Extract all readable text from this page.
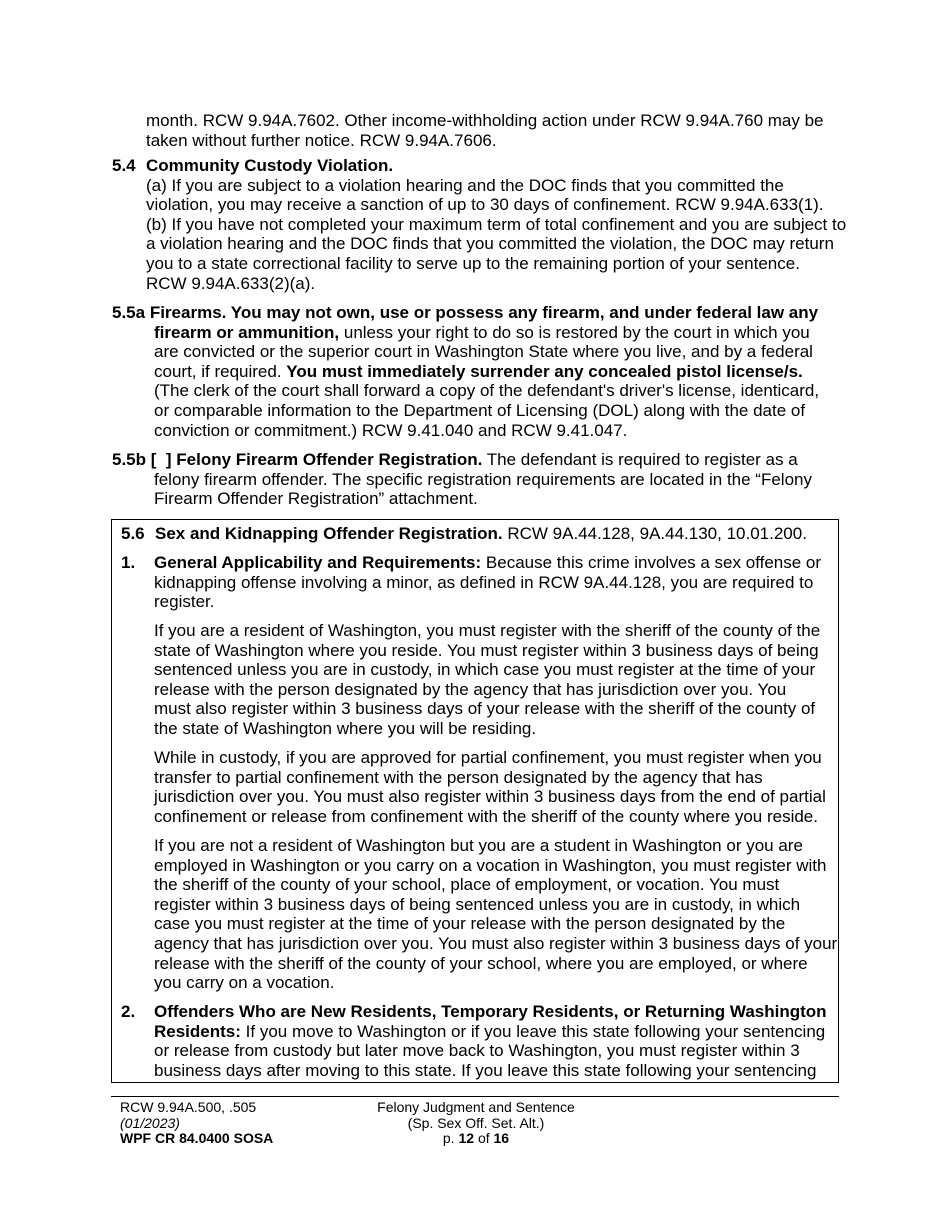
month. RCW 9.94A.7602. Other income-withholding action under RCW 9.94A.760 may be
taken without further notice. RCW 9.94A.7606.
5.4 Community Custody Violation.
(a) If you are subject to a violation hearing and the DOC finds that you committed the
violation, you may receive a sanction of up to 30 days of confinement. RCW 9.94A.633(1).
(b) If you have not completed your maximum term of total confinement and you are subject to
a violation hearing and the DOC finds that you committed the violation, the DOC may return
you to a state correctional facility to serve up to the remaining portion of your sentence.
RCW 9.94A.633(2)(a).
5.5a Firearms. You may not own, use or possess any firearm, and under federal law any
firearm or ammunition, unless your right to do so is restored by the court in which you
are convicted or the superior court in Washington State where you live, and by a federal
court, if required. You must immediately surrender any concealed pistol license/s.
(The clerk of the court shall forward a copy of the defendant's driver's license, identicard,
or comparable information to the Department of Licensing (DOL) along with the date of
conviction or commitment.) RCW 9.41.040 and RCW 9.41.047.
5.5b [  ] Felony Firearm Offender Registration. The defendant is required to register as a
felony firearm offender. The specific registration requirements are located in the “Felony
Firearm Offender Registration” attachment.
5.6 Sex and Kidnapping Offender Registration. RCW 9A.44.128, 9A.44.130, 10.01.200.
1. General Applicability and Requirements: Because this crime involves a sex offense or
kidnapping offense involving a minor, as defined in RCW 9A.44.128, you are required to
register.
If you are a resident of Washington, you must register with the sheriff of the county of the
state of Washington where you reside. You must register within 3 business days of being
sentenced unless you are in custody, in which case you must register at the time of your
release with the person designated by the agency that has jurisdiction over you. You
must also register within 3 business days of your release with the sheriff of the county of
the state of Washington where you will be residing.
While in custody, if you are approved for partial confinement, you must register when you
transfer to partial confinement with the person designated by the agency that has
jurisdiction over you. You must also register within 3 business days from the end of partial
confinement or release from confinement with the sheriff of the county where you reside.
If you are not a resident of Washington but you are a student in Washington or you are
employed in Washington or you carry on a vocation in Washington, you must register with
the sheriff of the county of your school, place of employment, or vocation. You must
register within 3 business days of being sentenced unless you are in custody, in which
case you must register at the time of your release with the person designated by the
agency that has jurisdiction over you. You must also register within 3 business days of your
release with the sheriff of the county of your school, where you are employed, or where
you carry on a vocation.
2. Offenders Who are New Residents, Temporary Residents, or Returning Washington
Residents: If you move to Washington or if you leave this state following your sentencing
or release from custody but later move back to Washington, you must register within 3
business days after moving to this state. If you leave this state following your sentencing
RCW 9.94A.500, .505
(01/2023)
WPF CR 84.0400 SOSA
Felony Judgment and Sentence
(Sp. Sex Off. Set. Alt.)
p. 12 of 16
